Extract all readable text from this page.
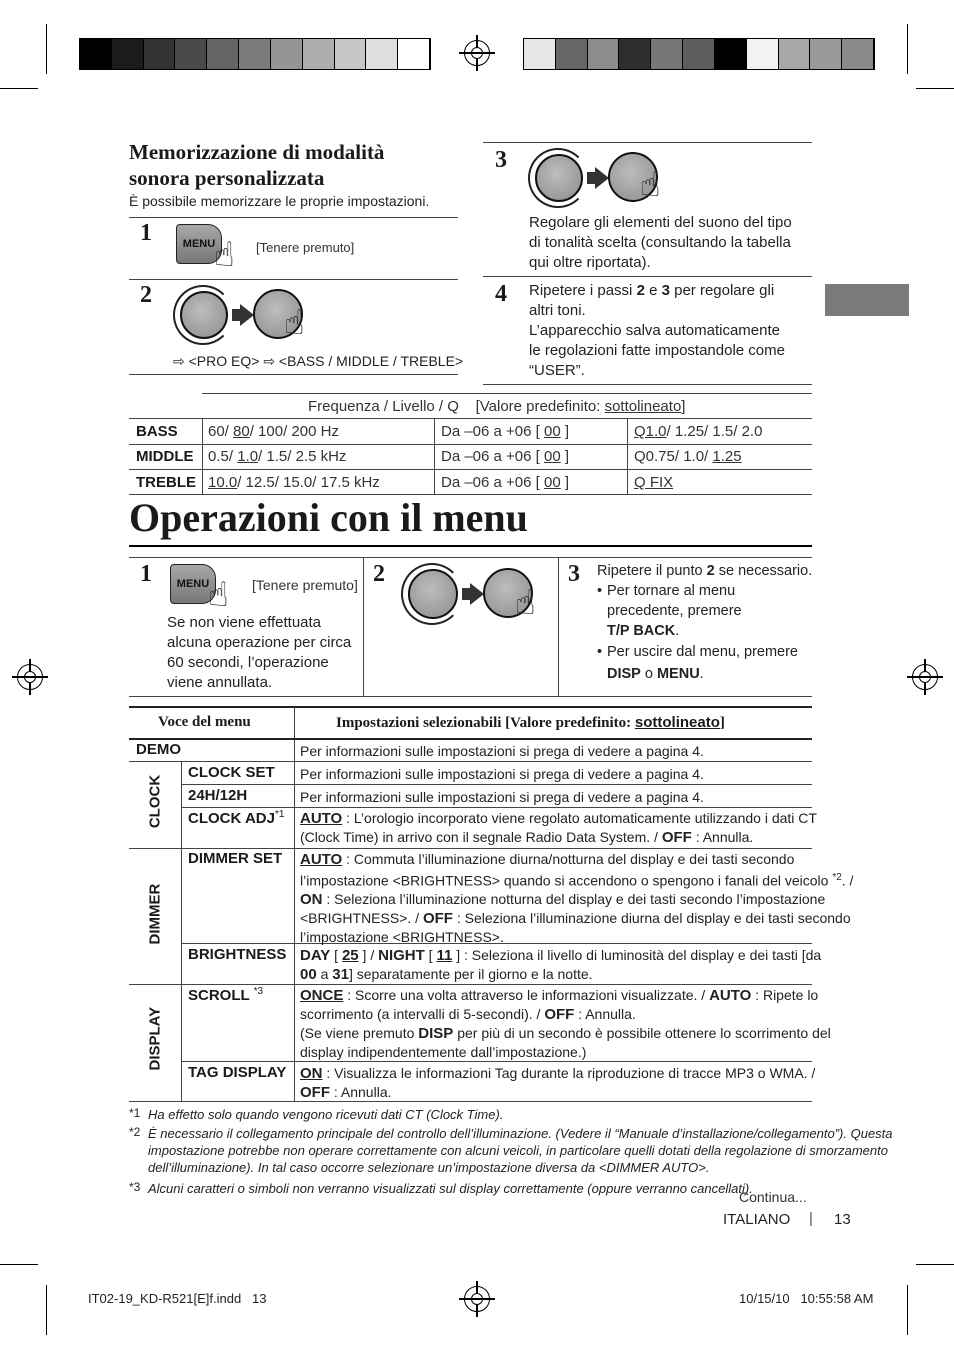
Memorizzazione di modalità
sonora personalizzata
È possibile memorizzare le proprie impostazioni.
1	MENU
☝ [Tenere premuto]
2
☝
⇨ <PRO EQ> ⇨ <BASS / MIDDLE / TREBLE>
3
☝
Regolare gli elementi del suono del tipo
di tonalità scelta (consultando la tabella
qui oltre riportata).
4 Ripetere i passi 2 e 3 per regolare gli
altri toni.
L’apparecchio salva automaticamente
le regolazioni fatte impostandole come
“USER”.
Frequenza / Livello / Q [Valore predefinito: sottolineato]
BASS 60/ 80/ 100/ 200 Hz	Da –06 a +06 [ 00 ]	Q1.0/ 1.25/ 1.5/ 2.0
MIDDLE 0.5/ 1.0/ 1.5/ 2.5 kHz	Da –06 a +06 [ 00 ]	Q0.75/ 1.0/ 1.25
TREBLE 10.0/ 12.5/ 15.0/ 17.5 kHz	Da –06 a +06 [ 00 ]	Q FIX
Operazioni con il menu
1	MENU
☝ [Tenere premuto]
Se non viene effettuata
alcuna operazione per circa
60 secondi, l’operazione
viene annullata.
2
☝
3 Ripetere il punto 2 se necessario.
• Per tornare al menu
precedente, premere
T/P BACK.
• Per uscire dal menu, premere
DISP o MENU.
Voce del menu	Impostazioni selezionabili [Valore predefinito: sottolineato]
DEMO	Per informazioni sulle impostazioni si prega di vedere a pagina 4.
CLOCK
CLOCK SET Per informazioni sulle impostazioni si prega di vedere a pagina 4.
24H/12H	Per informazioni sulle impostazioni si prega di vedere a pagina 4.
CLOCK ADJ$^{*1}$ AUTO : L’orologio incorporato viene regolato automaticamente utilizzando i dati CT
(Clock Time) in arrivo con il segnale Radio Data System. / OFF : Annulla.
DIMMER
DIMMER SET AUTO : Commuta l’illuminazione diurna/notturna del display e dei tasti secondo
l’impostazione <BRIGHTNESS> quando si accendono o spengono i fanali del veicolo $^{*2}$. /
ON : Seleziona l’illuminazione notturna del display e dei tasti secondo l’impostazione
<BRIGHTNESS>. / OFF : Seleziona l’illuminazione diurna del display e dei tasti secondo
l’impostazione <BRIGHTNESS>.
BRIGHTNESS DAY [ 25 ] / NIGHT [ 11 ] : Seleziona il livello di luminosità del display e dei tasti [da
00 a 31] separatamente per il giorno e la notte.
DISPLAY
SCROLL $^{*3}$ ONCE : Scorre una volta attraverso le informazioni visualizzate. / AUTO : Ripete lo
scorrimento (a intervalli di 5-secondi). / OFF : Annulla.
(Se viene premuto DISP per più di un secondo è possibile ottenere lo scorrimento del
display indipendentemente dall’impostazione.)
TAG DISPLAY ON : Visualizza le informazioni Tag durante la riproduzione di tracce MP3 o WMA. /
OFF : Annulla.
*1 Ha effetto solo quando vengono ricevuti dati CT (Clock Time).
*2 È necessario il collegamento principale del controllo dell’illuminazione. (Vedere il “Manuale d’installazione/collegamento”). Questa
impostazione potrebbe non operare correttamente con alcuni veicoli, in particolare quelli dotati della regolazione di smorzamento
dell’illuminazione). In tal caso occorre selezionare un’impostazione diversa da <DIMMER AUTO>.
*3 Alcuni caratteri o simboli non verranno visualizzati sul display correttamente (oppure verranno cancellati).
Continua...
ITALIANO | 13
IT02-19_KD-R521[E]f.indd   13	10/15/10   10:55:58 AM
